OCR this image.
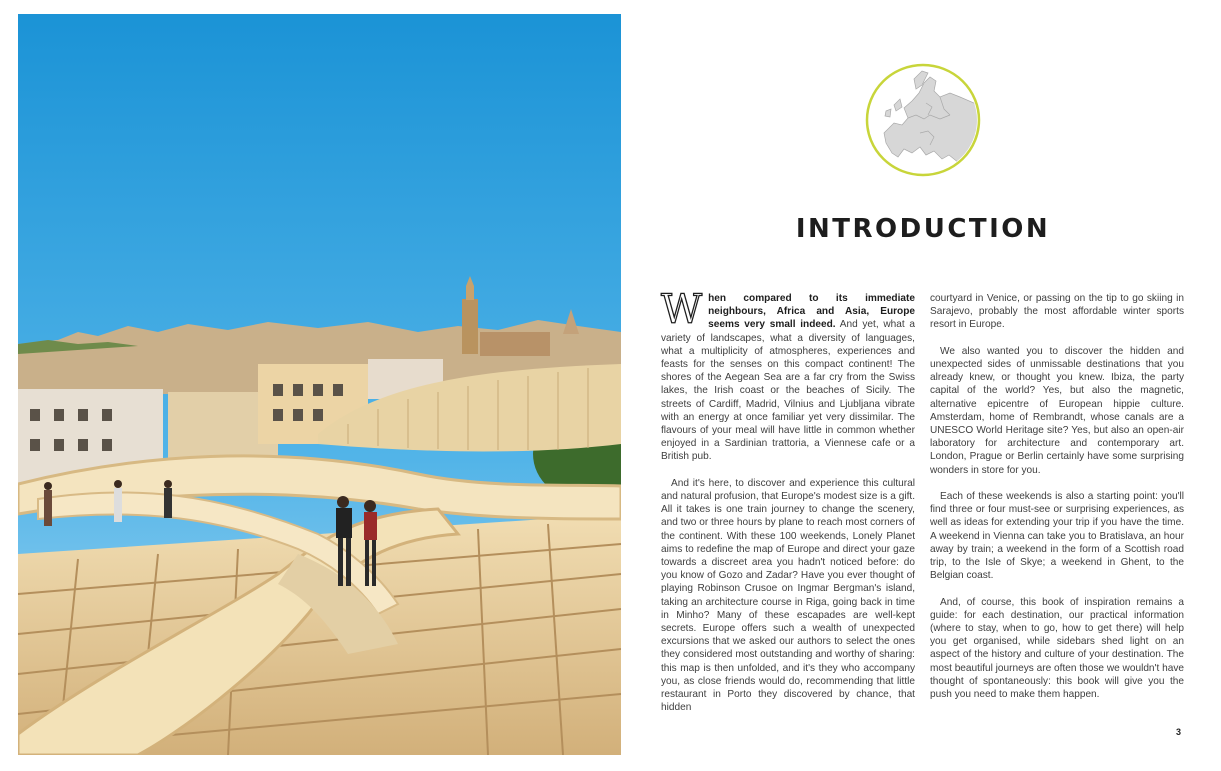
INTRODUCTION

When compared to its immediate neighbours, Africa and Asia, Europe seems very small indeed. And yet, what a variety of landscapes, what a diversity of languages, what a multiplicity of atmospheres, experiences and feasts for the senses on this compact continent! The shores of the Aegean Sea are a far cry from the Swiss lakes, the Irish coast or the beaches of Sicily. The streets of Cardiff, Madrid, Vilnius and Ljubljana vibrate with an energy at once familiar yet very dissimilar. The flavours of your meal will have little in common whether enjoyed in a Sardinian trattoria, a Viennese cafe or a British pub.

And it's here, to discover and experience this cultural and natural profusion, that Europe's modest size is a gift. All it takes is one train journey to change the scenery, and two or three hours by plane to reach most corners of the continent. With these 100 weekends, Lonely Planet aims to redefine the map of Europe and direct your gaze towards a discreet area you hadn't noticed before: do you know of Gozo and Zadar? Have you ever thought of playing Robinson Crusoe on Ingmar Bergman's island, taking an architecture course in Riga, going back in time in Minho? Many of these escapades are well-kept secrets. Europe offers such a wealth of unexpected excursions that we asked our authors to select the ones they considered most outstanding and worthy of sharing: this map is then unfolded, and it's they who accompany you, as close friends would do, recommending that little restaurant in Porto they discovered by chance, that hidden

courtyard in Venice, or passing on the tip to go skiing in Sarajevo, probably the most affordable winter sports resort in Europe.

We also wanted you to discover the hidden and unexpected sides of unmissable destinations that you already knew, or thought you knew. Ibiza, the party capital of the world? Yes, but also the magnetic, alternative epicentre of European hippie culture. Amsterdam, home of Rembrandt, whose canals are a UNESCO World Heritage site? Yes, but also an open-air laboratory for architecture and contemporary art. London, Prague or Berlin certainly have some surprising wonders in store for you.

Each of these weekends is also a starting point: you'll find three or four must-see or surprising experiences, as well as ideas for extending your trip if you have the time. A weekend in Vienna can take you to Bratislava, an hour away by train; a weekend in the form of a Scottish road trip, to the Isle of Skye; a weekend in Ghent, to the Belgian coast.

And, of course, this book of inspiration remains a guide: for each destination, our practical information (where to stay, when to go, how to get there) will help you get organised, while sidebars shed light on an aspect of the history and culture of your destination. The most beautiful journeys are often those we wouldn't have thought of spontaneously: this book will give you the push you need to make them happen.

3
